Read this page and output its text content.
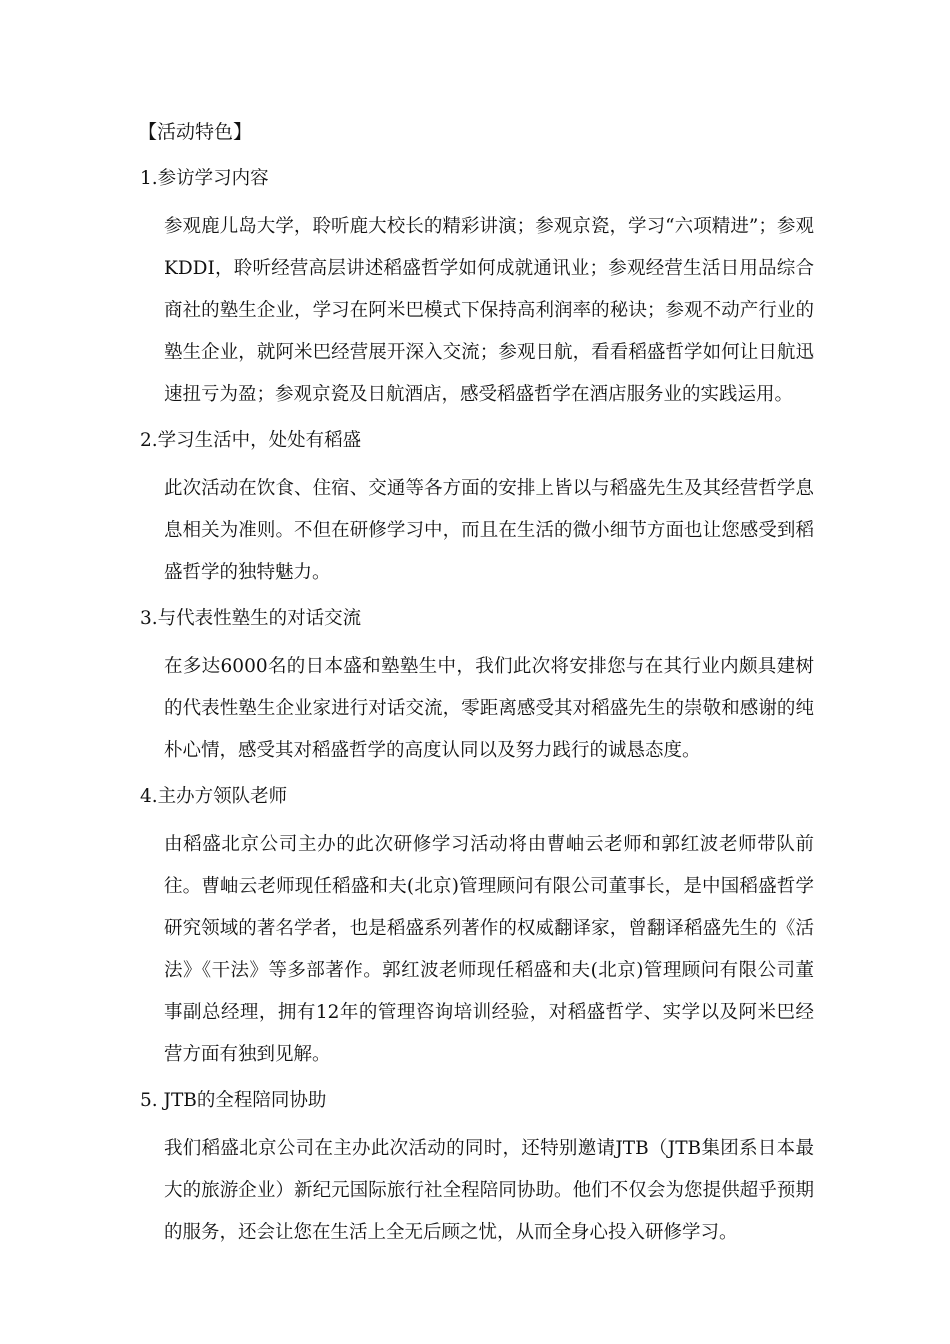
【活动特色】
1.参访学习内容
参观鹿儿岛大学，聆听鹿大校长的精彩讲演；参观京瓷，学习“六项精进”；参观KDDI，聆听经营高层讲述稻盛哲学如何成就通讯业；参观经营生活日用品综合商社的塾生企业，学习在阿米巴模式下保持高利润率的秘诀；参观不动产行业的塾生企业，就阿米巴经营展开深入交流；参观日航，看看稻盛哲学如何让日航迅速扭亏为盈；参观京瓷及日航酒店，感受稻盛哲学在酒店服务业的实践运用。
2.学习生活中，处处有稻盛
此次活动在饮食、住宿、交通等各方面的安排上皆以与稻盛先生及其经营哲学息息相关为准则。不但在研修学习中，而且在生活的微小细节方面也让您感受到稻盛哲学的独特魅力。
3.与代表性塾生的对话交流
在多达6000名的日本盛和塾塾生中，我们此次将安排您与在其行业内颇具建树的代表性塾生企业家进行对话交流，零距离感受其对稻盛先生的崇敬和感谢的纯朴心情，感受其对稻盛哲学的高度认同以及努力践行的诚恳态度。
4.主办方领队老师
由稻盛北京公司主办的此次研修学习活动将由曹岫云老师和郭红波老师带队前往。曹岫云老师现任稻盛和夫(北京)管理顾问有限公司董事长，是中国稻盛哲学研究领域的著名学者，也是稻盛系列著作的权威翻译家，曾翻译稻盛先生的《活法》《干法》等多部著作。郭红波老师现任稻盛和夫(北京)管理顾问有限公司董事副总经理，拥有12年的管理咨询培训经验，对稻盛哲学、实学以及阿米巴经营方面有独到见解。
5. JTB的全程陪同协助
我们稻盛北京公司在主办此次活动的同时，还特别邀请JTB（JTB集团系日本最大的旅游企业）新纪元国际旅行社全程陪同协助。他们不仅会为您提供超乎预期的服务，还会让您在生活上全无后顾之忧，从而全身心投入研修学习。
